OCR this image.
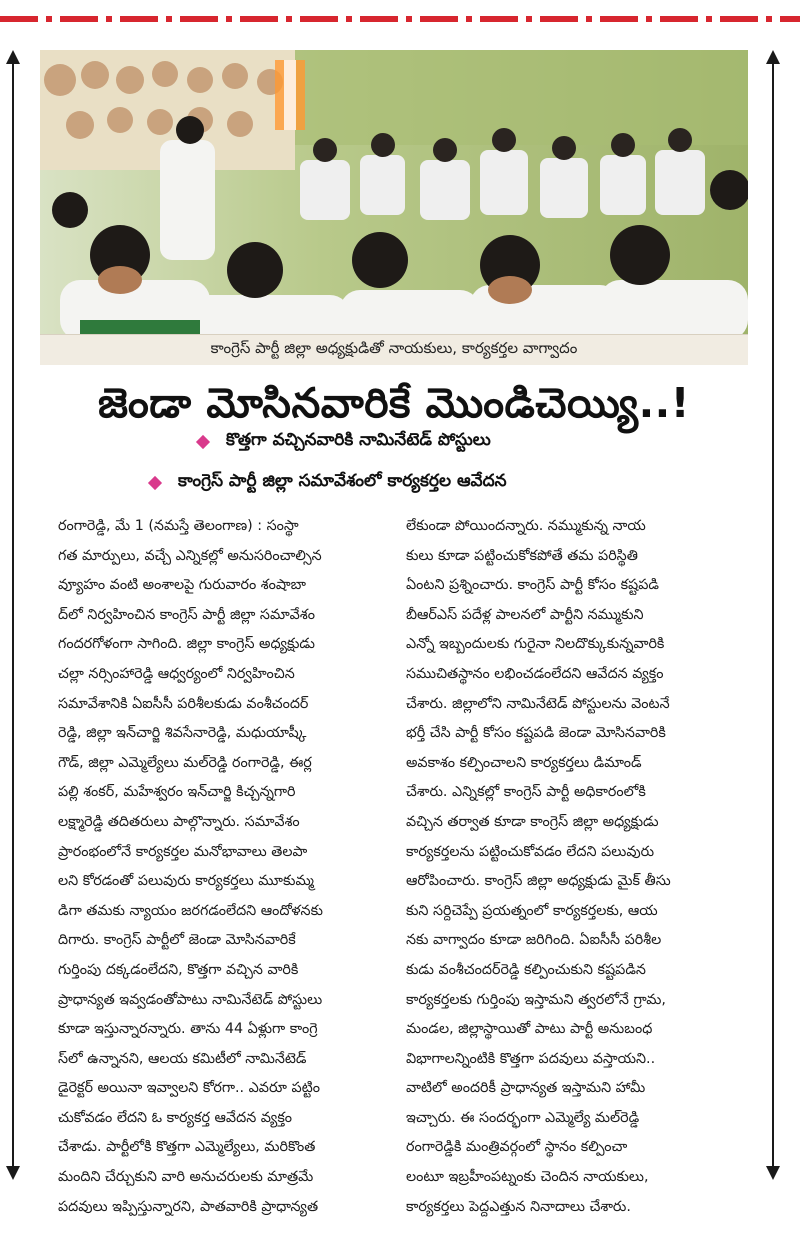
కాంగ్రెస్ పార్టీ జిల్లా అధ్యక్షుడితో నాయకులు, కార్యకర్తల వాగ్వాదం
జెండా మోసినవారికే మొండిచెయ్యి..!
కొత్తగా వచ్చినవారికి నామినేటెడ్ పోస్టులు
కాంగ్రెస్ పార్టీ జిల్లా సమావేశంలో కార్యకర్తల ఆవేదన
రంగారెడ్డి, మే 1 (నమస్తే తెలంగాణ) : సంస్థా
గత మార్పులు, వచ్చే ఎన్నికల్లో అనుసరించాల్సిన
వ్యూహం వంటి అంశాలపై గురువారం శంషాబా
ద్‌లో నిర్వహించిన కాంగ్రెస్ పార్టీ జిల్లా సమావేశం
గందరగోళంగా సాగింది. జిల్లా కాంగ్రెస్ అధ్యక్షుడు
చల్లా నర్సింహారెడ్డి ఆధ్వర్యంలో నిర్వహించిన
సమావేశానికి ఏఐసీసీ పరిశీలకుడు వంశీచందర్
రెడ్డి, జిల్లా ఇన్‌చార్జి శివసేనారెడ్డి, మధుయాష్కీ
గౌడ్, జిల్లా ఎమ్మెల్యేలు మల్‌రెడ్డి రంగారెడ్డి, ఈర్ల
పల్లి శంకర్, మహేశ్వరం ఇన్‌చార్జి కిచ్చన్నగారి
లక్ష్మారెడ్డి తదితరులు పాల్గొన్నారు. సమావేశం
ప్రారంభంలోనే కార్యకర్తల మనోభావాలు తెలపా
లని కోరడంతో పలువురు కార్యకర్తలు మూకుమ్మ
డిగా తమకు న్యాయం జరగడంలేదని ఆందోళనకు
దిగారు. కాంగ్రెస్ పార్టీలో జెండా మోసినవారికే
గుర్తింపు దక్కడంలేదని, కొత్తగా వచ్చిన వారికి
ప్రాధాన్యత ఇవ్వడంతోపాటు నామినేటెడ్ పోస్టులు
కూడా ఇస్తున్నారన్నారు. తాను 44 ఏళ్లుగా కాంగ్రె
స్‌లో ఉన్నానని, ఆలయ కమిటీలో నామినేటెడ్
డైరెక్టర్ అయినా ఇవ్వాలని కోరగా.. ఎవరూ పట్టిం
చుకోవడం లేదని ఓ కార్యకర్త ఆవేదన వ్యక్తం
చేశాడు. పార్టీలోకి కొత్తగా ఎమ్మెల్యేలు, మరికొంత
మందిని చేర్చుకుని వారి అనుచరులకు మాత్రమే
పదవులు ఇప్పిస్తున్నారని, పాతవారికి ప్రాధాన్యత
లేకుండా పోయిందన్నారు. నమ్ముకున్న నాయ
కులు కూడా పట్టించుకోకపోతే తమ పరిస్థితి
ఏంటని ప్రశ్నించారు. కాంగ్రెస్ పార్టీ కోసం కష్టపడి
బీఆర్‌ఎస్ పదేళ్ల పాలనలో పార్టీని నమ్ముకుని
ఎన్నో ఇబ్బందులకు గురైనా నిలదొక్కుకున్నవారికి
సముచితస్థానం లభించడంలేదని ఆవేదన వ్యక్తం
చేశారు. జిల్లాలోని నామినేటెడ్ పోస్టులను వెంటనే
భర్తీ చేసి పార్టీ కోసం కష్టపడి జెండా మోసినవారికి
అవకాశం కల్పించాలని కార్యకర్తలు డిమాండ్
చేశారు. ఎన్నికల్లో కాంగ్రెస్ పార్టీ అధికారంలోకి
వచ్చిన తర్వాత కూడా కాంగ్రెస్ జిల్లా అధ్యక్షుడు
కార్యకర్తలను పట్టించుకోవడం లేదని పలువురు
ఆరోపించారు. కాంగ్రెస్ జిల్లా అధ్యక్షుడు మైక్ తీసు
కుని సర్దిచెప్పే ప్రయత్నంలో కార్యకర్తలకు, ఆయ
నకు వాగ్వాదం కూడా జరిగింది. ఏఐసీసీ పరిశీల
కుడు వంశీచందర్‌రెడ్డి కల్పించుకుని కష్టపడిన
కార్యకర్తలకు గుర్తింపు ఇస్తామని త్వరలోనే గ్రామ,
మండల, జిల్లాస్థాయితో పాటు పార్టీ అనుబంధ
విభాగాలన్నింటికి కొత్తగా పదవులు వస్తాయని..
వాటిలో అందరికీ ప్రాధాన్యత ఇస్తామని హామీ
ఇచ్చారు. ఈ సందర్భంగా ఎమ్మెల్యే మల్‌రెడ్డి
రంగారెడ్డికి మంత్రివర్గంలో స్థానం కల్పించా
లంటూ ఇబ్రహీంపట్నంకు చెందిన నాయకులు,
కార్యకర్తలు పెద్దఎత్తున నినాదాలు చేశారు.
